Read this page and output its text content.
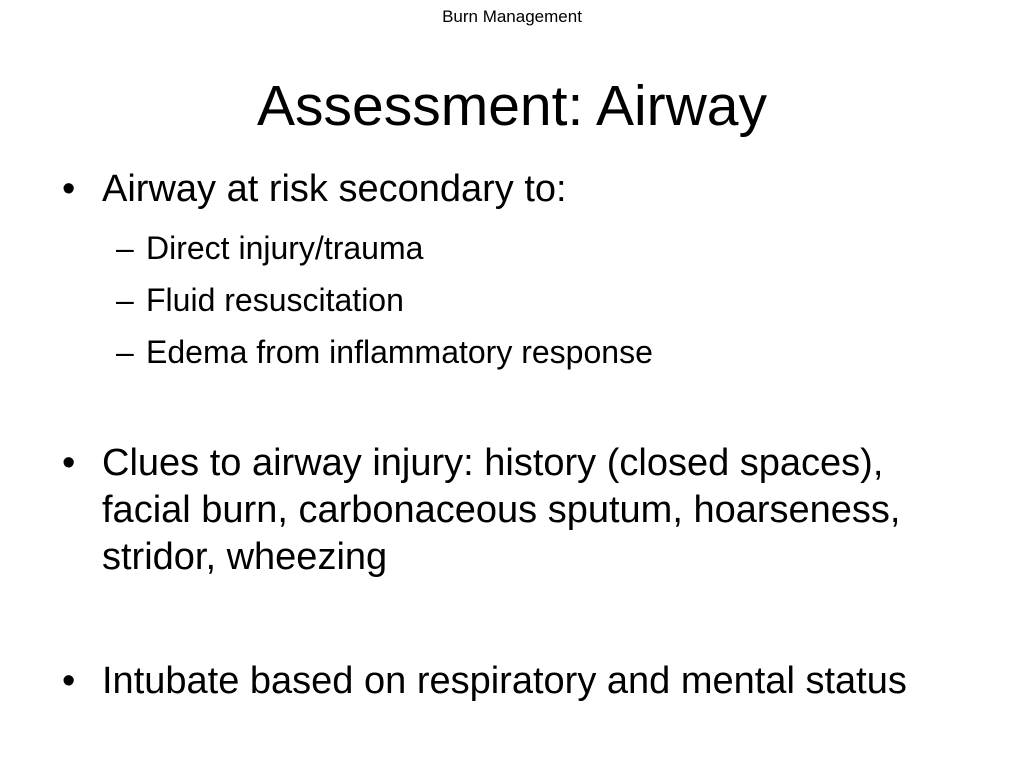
Burn Management
Assessment: Airway
• Airway at risk secondary to:
– Direct injury/trauma
– Fluid resuscitation
– Edema from inflammatory response
• Clues to airway injury: history (closed spaces), facial burn, carbonaceous sputum, hoarseness, stridor, wheezing
• Intubate based on respiratory and mental status
